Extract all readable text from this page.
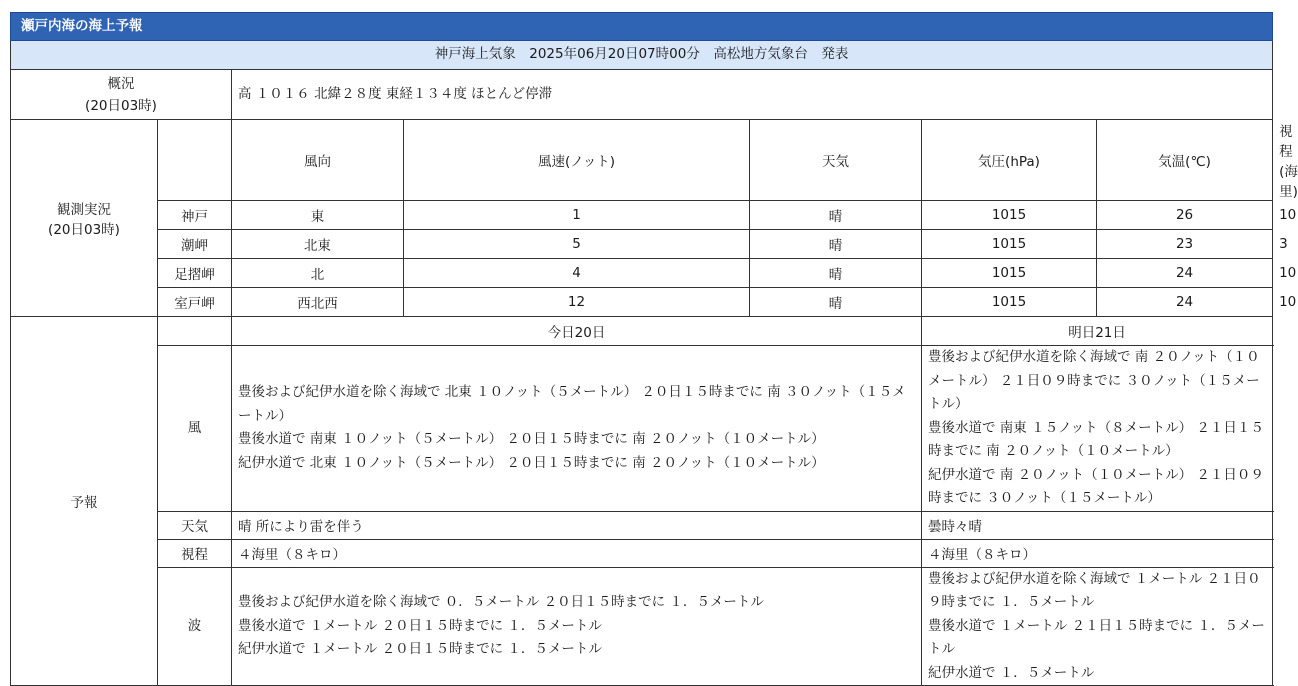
瀬戸内海の海上予報							
神戸海上気象　2025年06月20日07時00分　高松地方気象台　発表							

概況
(20日03時)		高 １０１６ 北緯２８度 東経１３４度 ほとんど停滞					

観測実況
(20日03時)		風向	風速(ノット)	天気	気圧(hPa)	気温(℃)	視程(海里)
	神戸	東	1	晴	1015	26	10
	潮岬	北東	5	晴	1015	23	3
	足摺岬	北	4	晴	1015	24	10
	室戸岬	西北西	12	晴	1015	24	10
予報		今日20日			明日21日		
	風	豊後および紀伊水道を除く海域で 北東 １０ノット（５メートル） ２０日１５時までに 南 ３０ノット（１５メートル）
豊後水道で 南東 １０ノット（５メートル） ２０日１５時までに 南 ２０ノット（１０メートル）
紀伊水道で 北東 １０ノット（５メートル） ２０日１５時までに 南 ２０ノット（１０メートル）			豊後および紀伊水道を除く海域で 南 ２０ノット（１０メートル） ２１日０９時までに ３０ノット（１５メートル）
豊後水道で 南東 １５ノット（８メートル） ２１日１５時までに 南 ２０ノット（１０メートル）
紀伊水道で 南 ２０ノット（１０メートル） ２１日０９時までに ３０ノット（１５メートル）		

	天気	晴 所により雷を伴う			曇時々晴		
	視程	４海里（８キロ）			４海里（８キロ）		
	波	豊後および紀伊水道を除く海域で ０．５メートル ２０日１５時までに １．５メートル
豊後水道で １メートル ２０日１５時までに １．５メートル
紀伊水道で １メートル ２０日１５時までに １．５メートル			豊後および紀伊水道を除く海域で １メートル ２１日０９時までに １．５メートル
豊後水道で １メートル ２１日１５時までに １．５メートル
紀伊水道で １．５メートル		
